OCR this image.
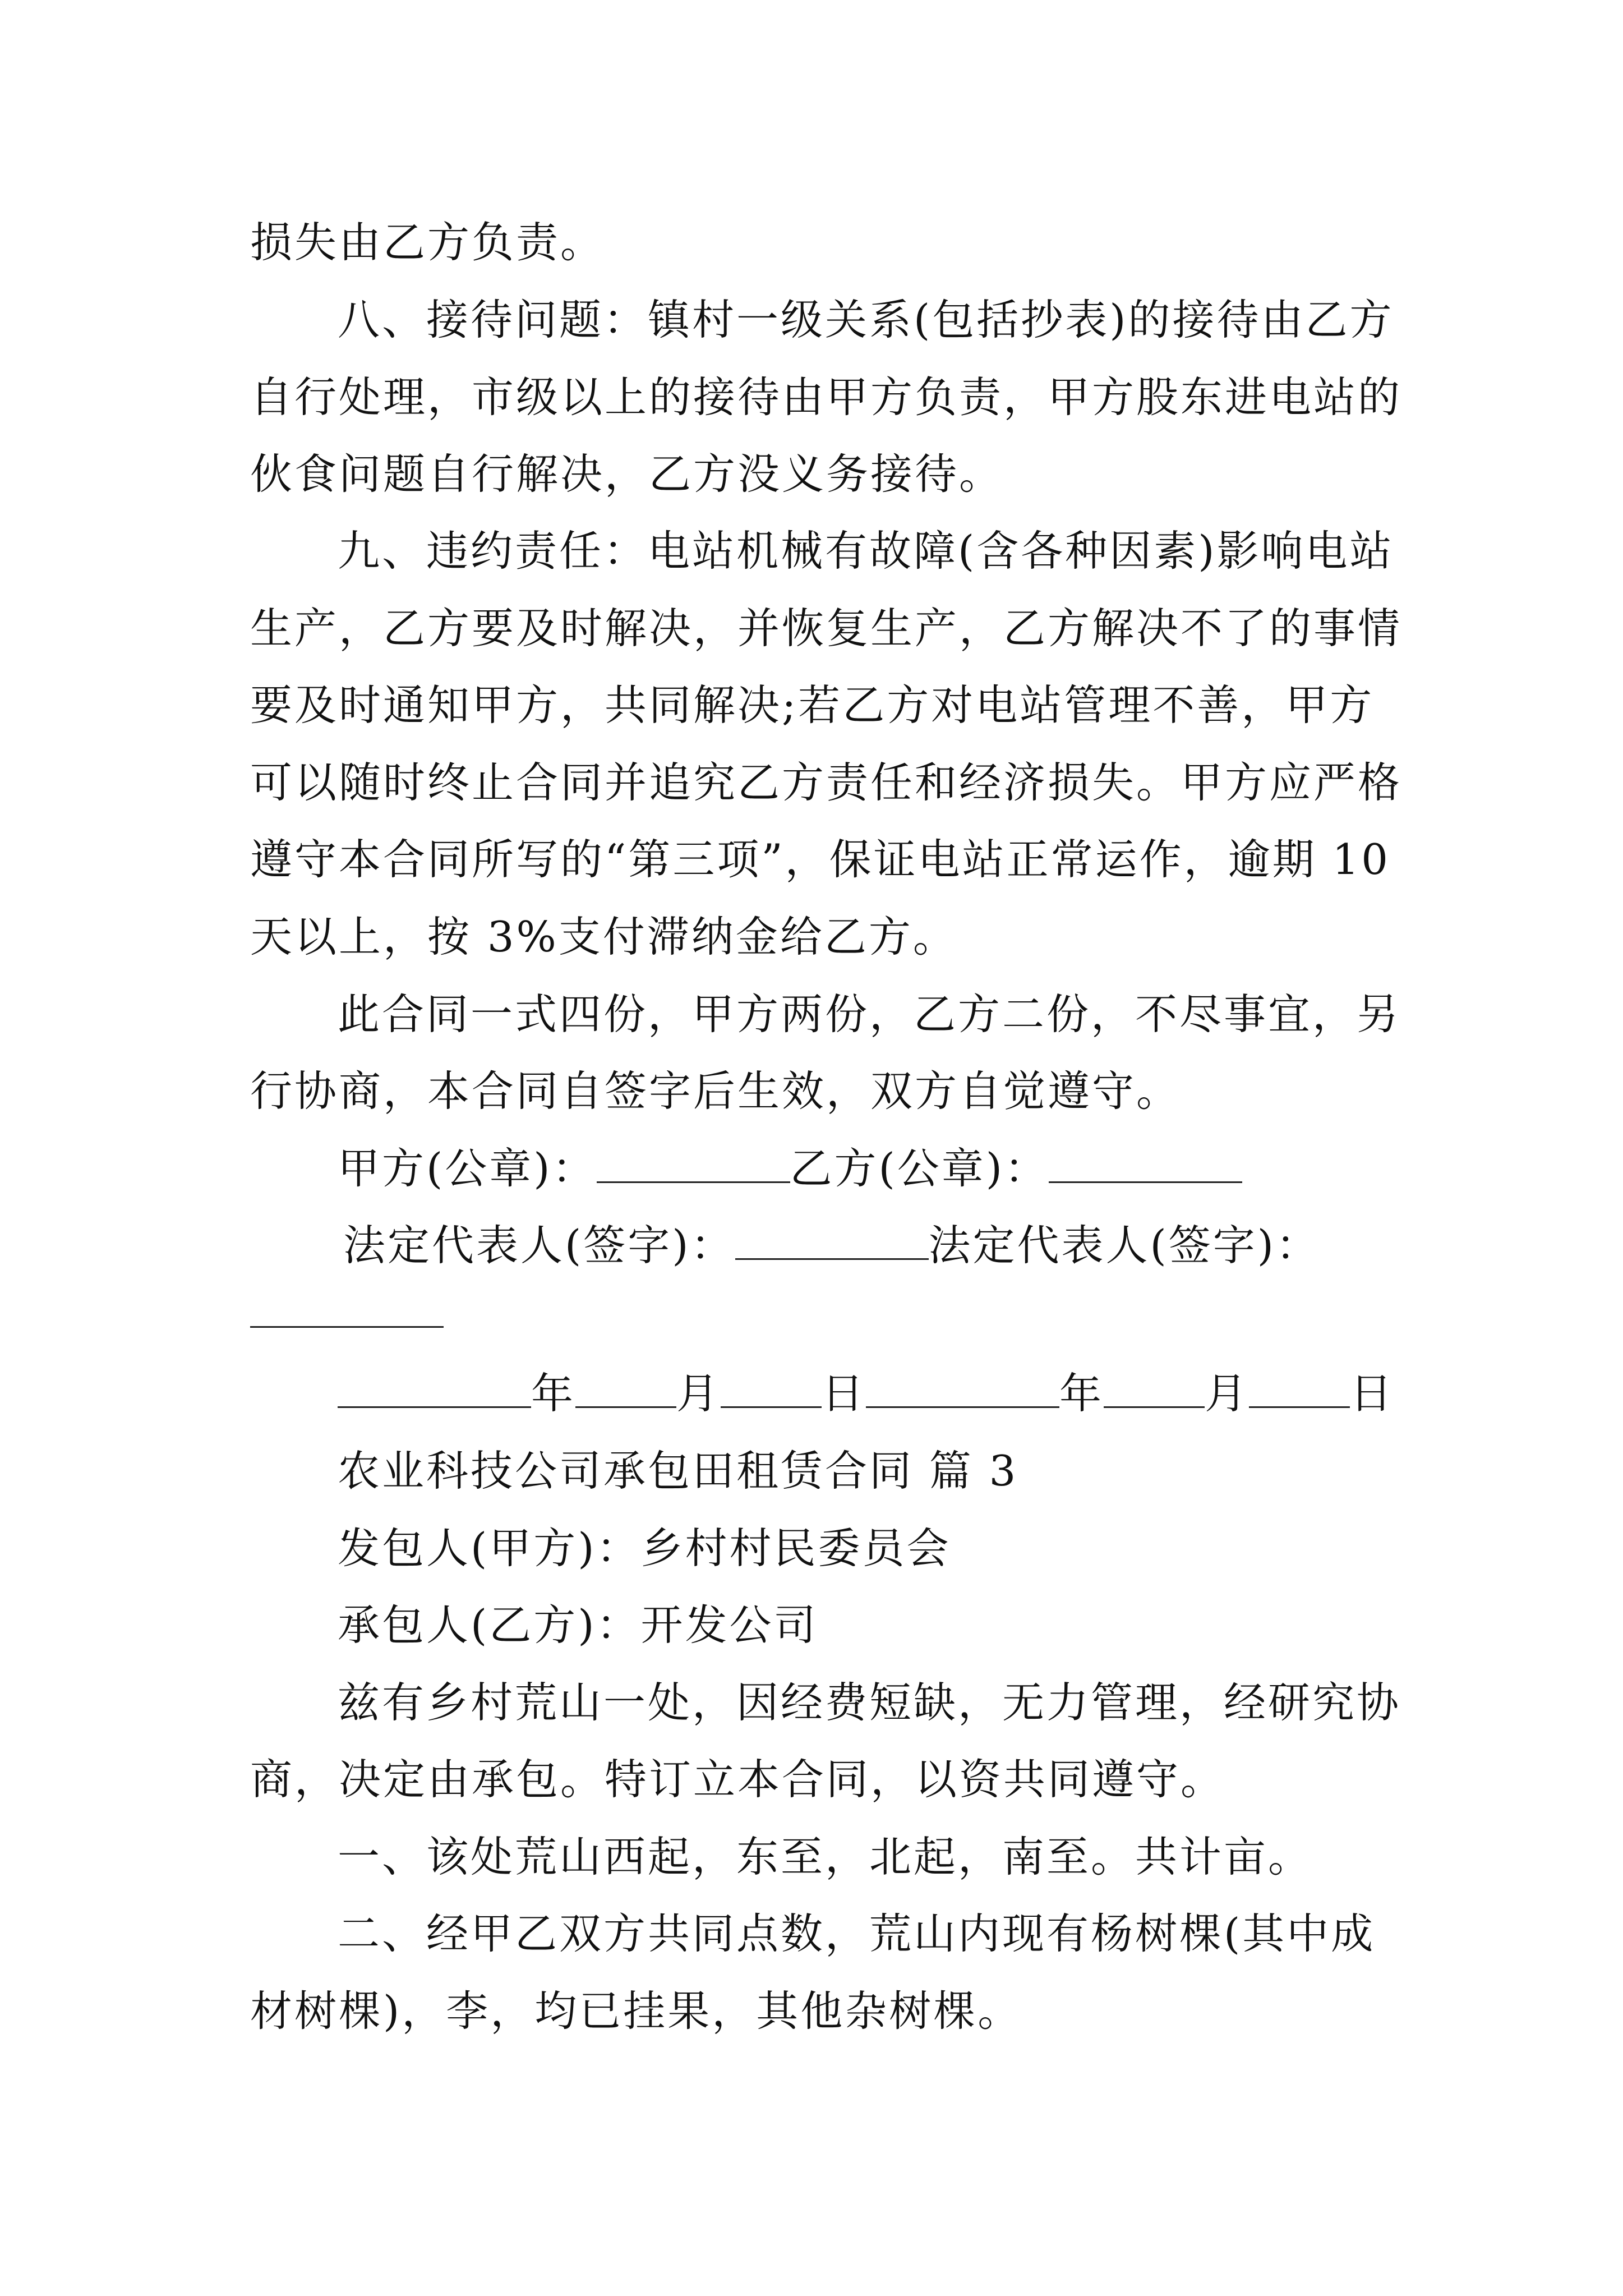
损失由乙方负责。
八、接待问题：镇村一级关系(包括抄表)的接待由乙方
自行处理，市级以上的接待由甲方负责，甲方股东进电站的
伙食问题自行解决，乙方没义务接待。
九、违约责任：电站机械有故障(含各种因素)影响电站
生产，乙方要及时解决，并恢复生产，乙方解决不了的事情
要及时通知甲方，共同解决;若乙方对电站管理不善，甲方
可以随时终止合同并追究乙方责任和经济损失。甲方应严格
遵守本合同所写的“第三项”，保证电站正常运作，逾期 10
天以上，按 3%支付滞纳金给乙方。
此合同一式四份，甲方两份，乙方二份，不尽事宜，另
行协商，本合同自签字后生效，双方自觉遵守。
甲方(公章)：	乙方(公章)：
法定代表人(签字)：	法定代表人(签字)：
年 月 日	年 月 日
农业科技公司承包田租赁合同 篇 3
发包人(甲方)：乡村村民委员会
承包人(乙方)：开发公司
兹有乡村荒山一处，因经费短缺，无力管理，经研究协
商，决定由承包。特订立本合同，以资共同遵守。
一、该处荒山西起，东至，北起，南至。共计亩。
二、经甲乙双方共同点数，荒山内现有杨树棵(其中成
材树棵)，李，均已挂果，其他杂树棵。
